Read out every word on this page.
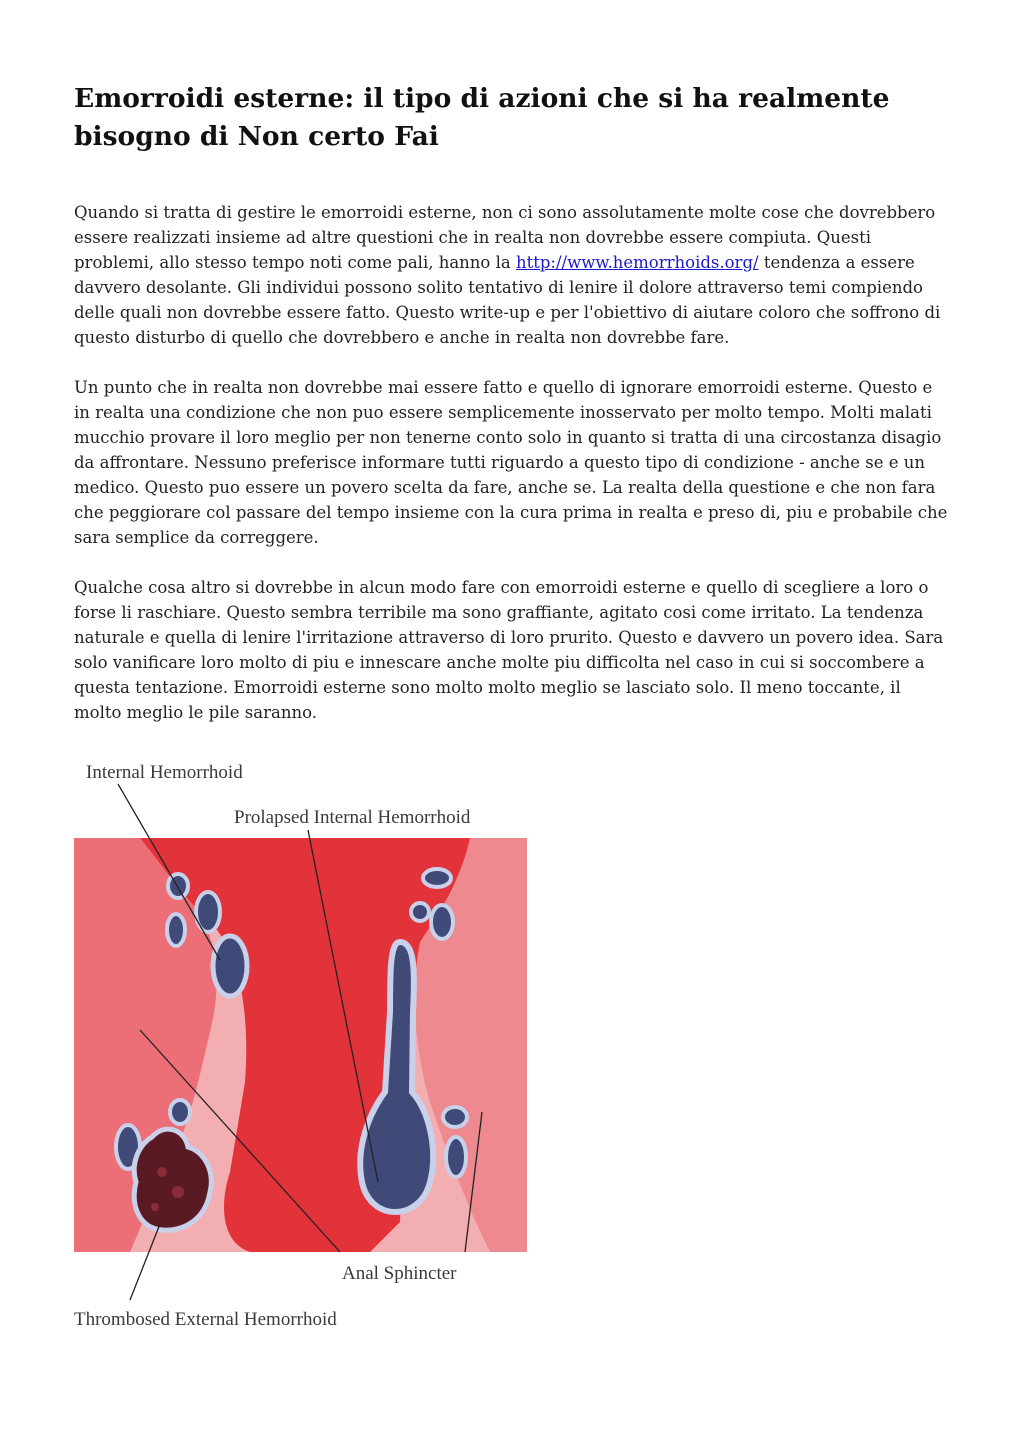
Emorroidi esterne: il tipo di azioni che si ha realmente bisogno di Non certo Fai

Quando si tratta di gestire le emorroidi esterne, non ci sono assolutamente molte cose che dovrebbero essere realizzati insieme ad altre questioni che in realta non dovrebbe essere compiuta. Questi problemi, allo stesso tempo noti come pali, hanno la http://www.hemorrhoids.org/ tendenza a essere davvero desolante. Gli individui possono solito tentativo di lenire il dolore attraverso temi compiendo delle quali non dovrebbe essere fatto. Questo write-up e per l'obiettivo di aiutare coloro che soffrono di questo disturbo di quello che dovrebbero e anche in realta non dovrebbe fare.

Un punto che in realta non dovrebbe mai essere fatto e quello di ignorare emorroidi esterne. Questo e in realta una condizione che non puo essere semplicemente inosservato per molto tempo. Molti malati mucchio provare il loro meglio per non tenerne conto solo in quanto si tratta di una circostanza disagio da affrontare. Nessuno preferisce informare tutti riguardo a questo tipo di condizione - anche se e un medico. Questo puo essere un povero scelta da fare, anche se. La realta della questione e che non fara che peggiorare col passare del tempo insieme con la cura prima in realta e preso di, piu e probabile che sara semplice da correggere.

Qualche cosa altro si dovrebbe in alcun modo fare con emorroidi esterne e quello di scegliere a loro o forse li raschiare. Questo sembra terribile ma sono graffiante, agitato cosi come irritato. La tendenza naturale e quella di lenire l'irritazione attraverso di loro prurito. Questo e davvero un povero idea. Sara solo vanificare loro molto di piu e innescare anche molte piu difficolta nel caso in cui si soccombere a questa tentazione. Emorroidi esterne sono molto molto meglio se lasciato solo. Il meno toccante, il molto meglio le pile saranno.

Internal Hemorrhoid
Prolapsed Internal Hemorrhoid
Anal Sphincter
Thrombosed External Hemorrhoid
